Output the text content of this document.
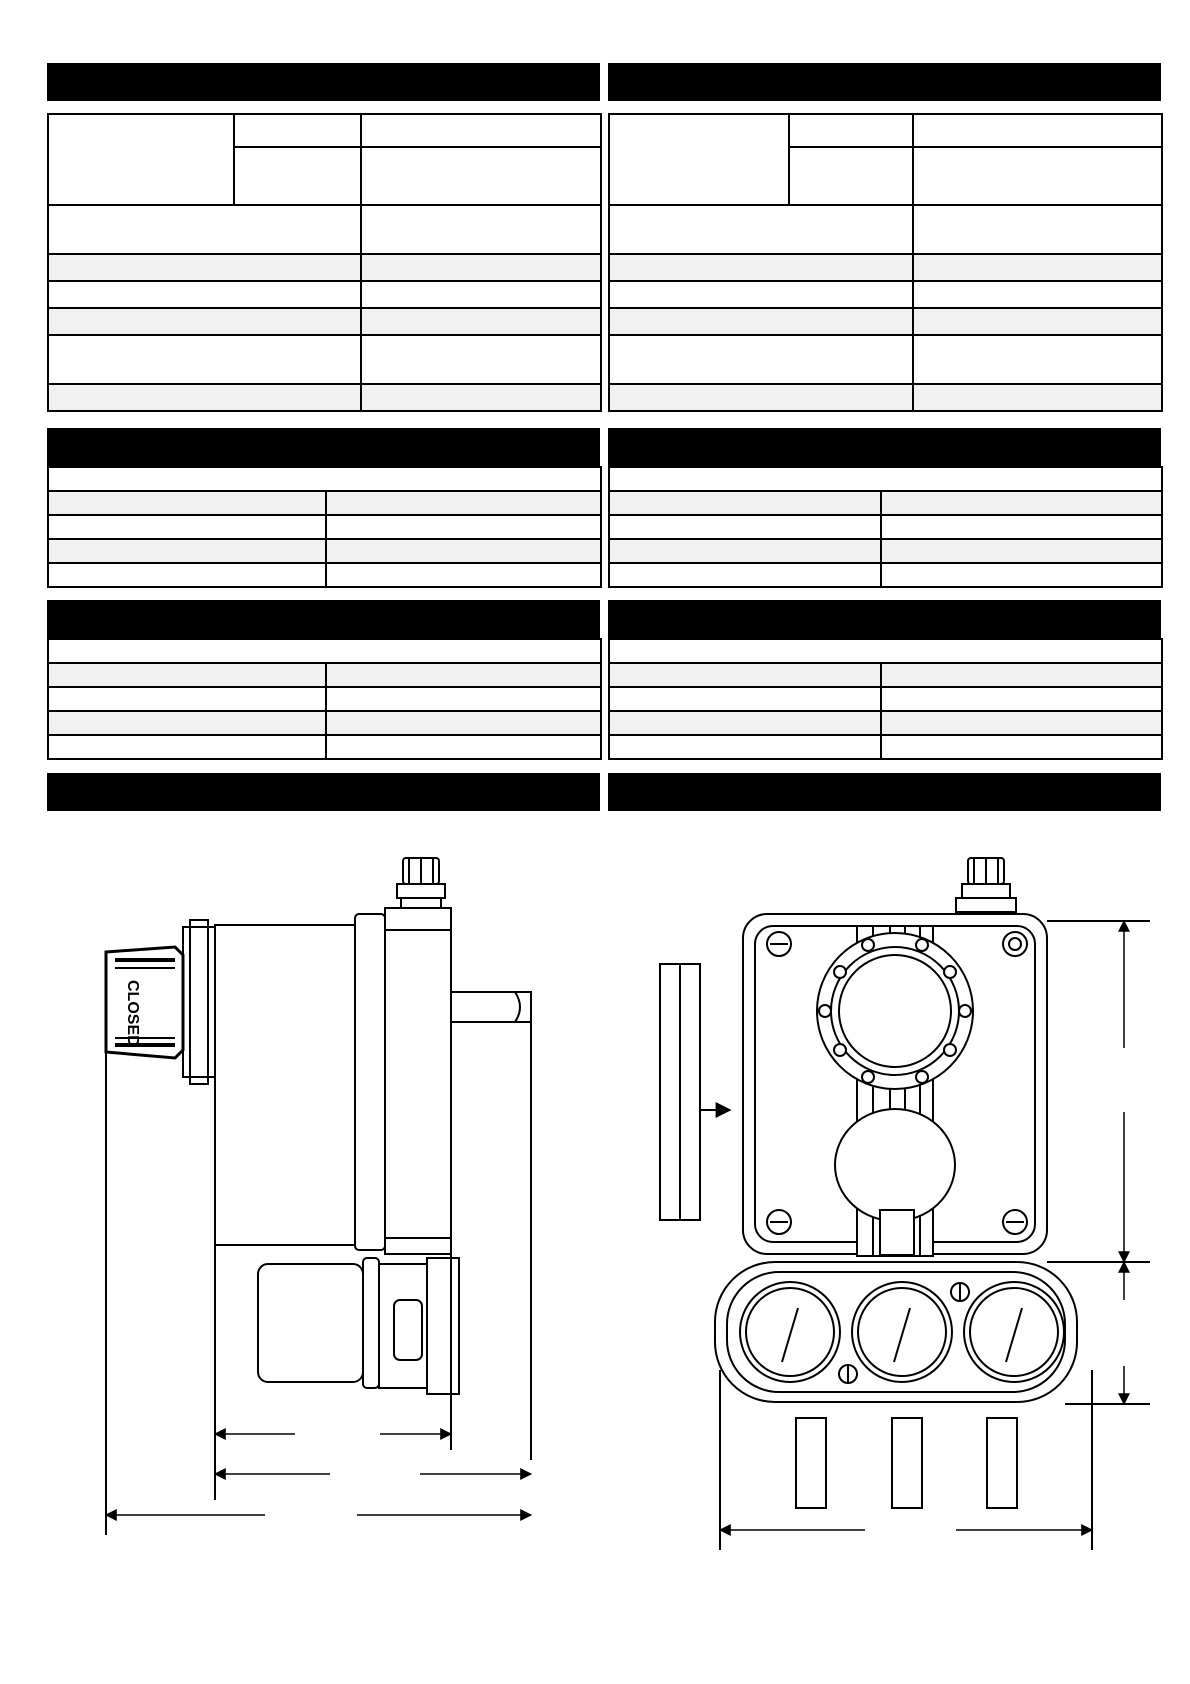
CLOSED
